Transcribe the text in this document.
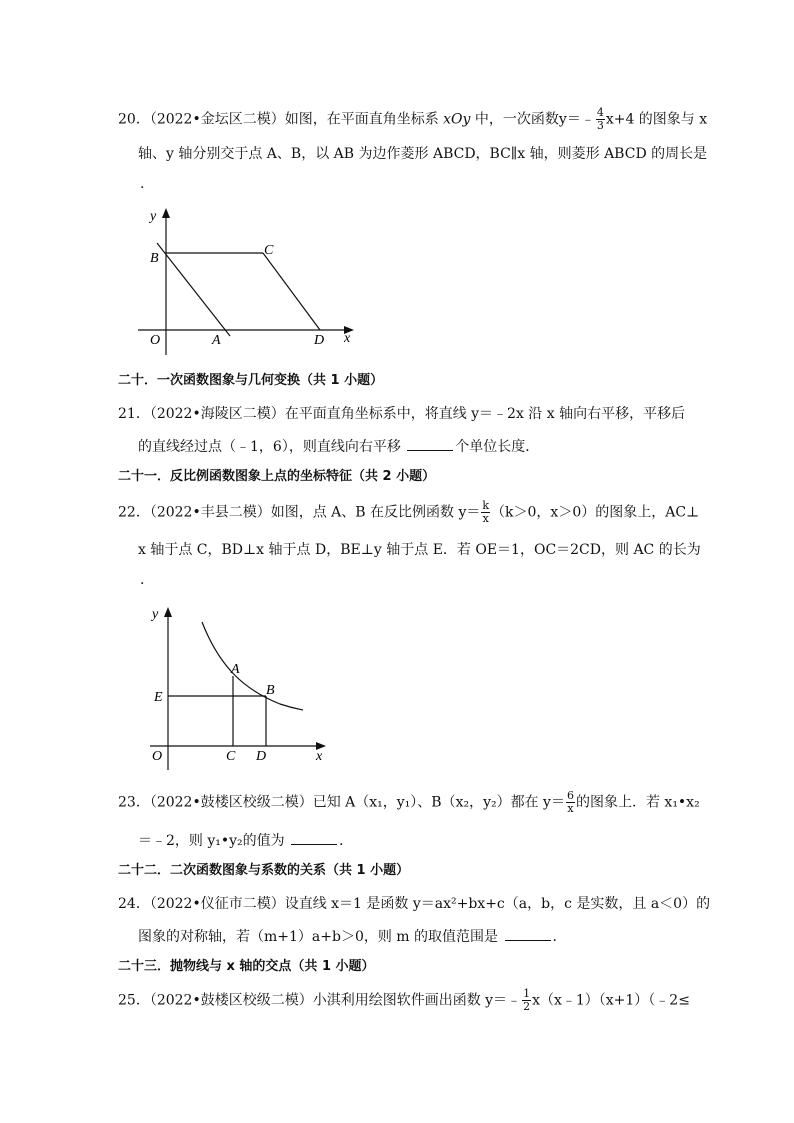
20．（2022•金坛区二模）如图，在平面直角坐标系 xOy 中，一次函数y＝﹣ $\frac{4}{3} x+4$ 的图象与 x
轴、y 轴分别交于点 A、B，以 AB 为边作菱形 ABCD，BC∥x 轴，则菱形 ABCD 的周长是
.
y
x
O	A
B
C
D
二十．一次函数图象与几何变换（共 1 小题）
21．（2022•海陵区二模）在平面直角坐标系中，将直线 y＝﹣2x 沿 x 轴向右平移，平移后
的直线经过点（﹣1，6），则直线向右平移	个单位长度．
二十一．反比例函数图象上点的坐标特征（共 2 小题）
22．（2022•丰县二模）如图，点 A、B 在反比例函数 $y= \frac{k}{x} (k>0$，x＞0）的图象上，AC⊥
x 轴于点 C，BD⊥x 轴于点 D，BE⊥y 轴于点 E．若 OE＝1，OC＝2CD，则 AC 的长为
.
y
x
O
E
A
B
C D
23．（2022•鼓楼区校级二模）已知 A（x₁，y₁）、B（x₂，y₂）都在 $y= \frac{6}{x}$ 的图象上．若 x₁•x₂
＝﹣2，则 y₁•y₂的值为	．
二十二．二次函数图象与系数的关系（共 1 小题）
24．（2022•仪征市二模）设直线 x＝1 是函数 y＝ax²+bx+c（a，b，c 是实数，且 a＜0）的
图象的对称轴，若（m+1）a+b＞0，则 m 的取值范围是	．
二十三．抛物线与 x 轴的交点（共 1 小题）
25．（2022•鼓楼区校级二模）小淇利用绘图软件画出函数 y＝﹣ $\frac{1}{2}$ x（x﹣1）（x+1）（﹣2≤
